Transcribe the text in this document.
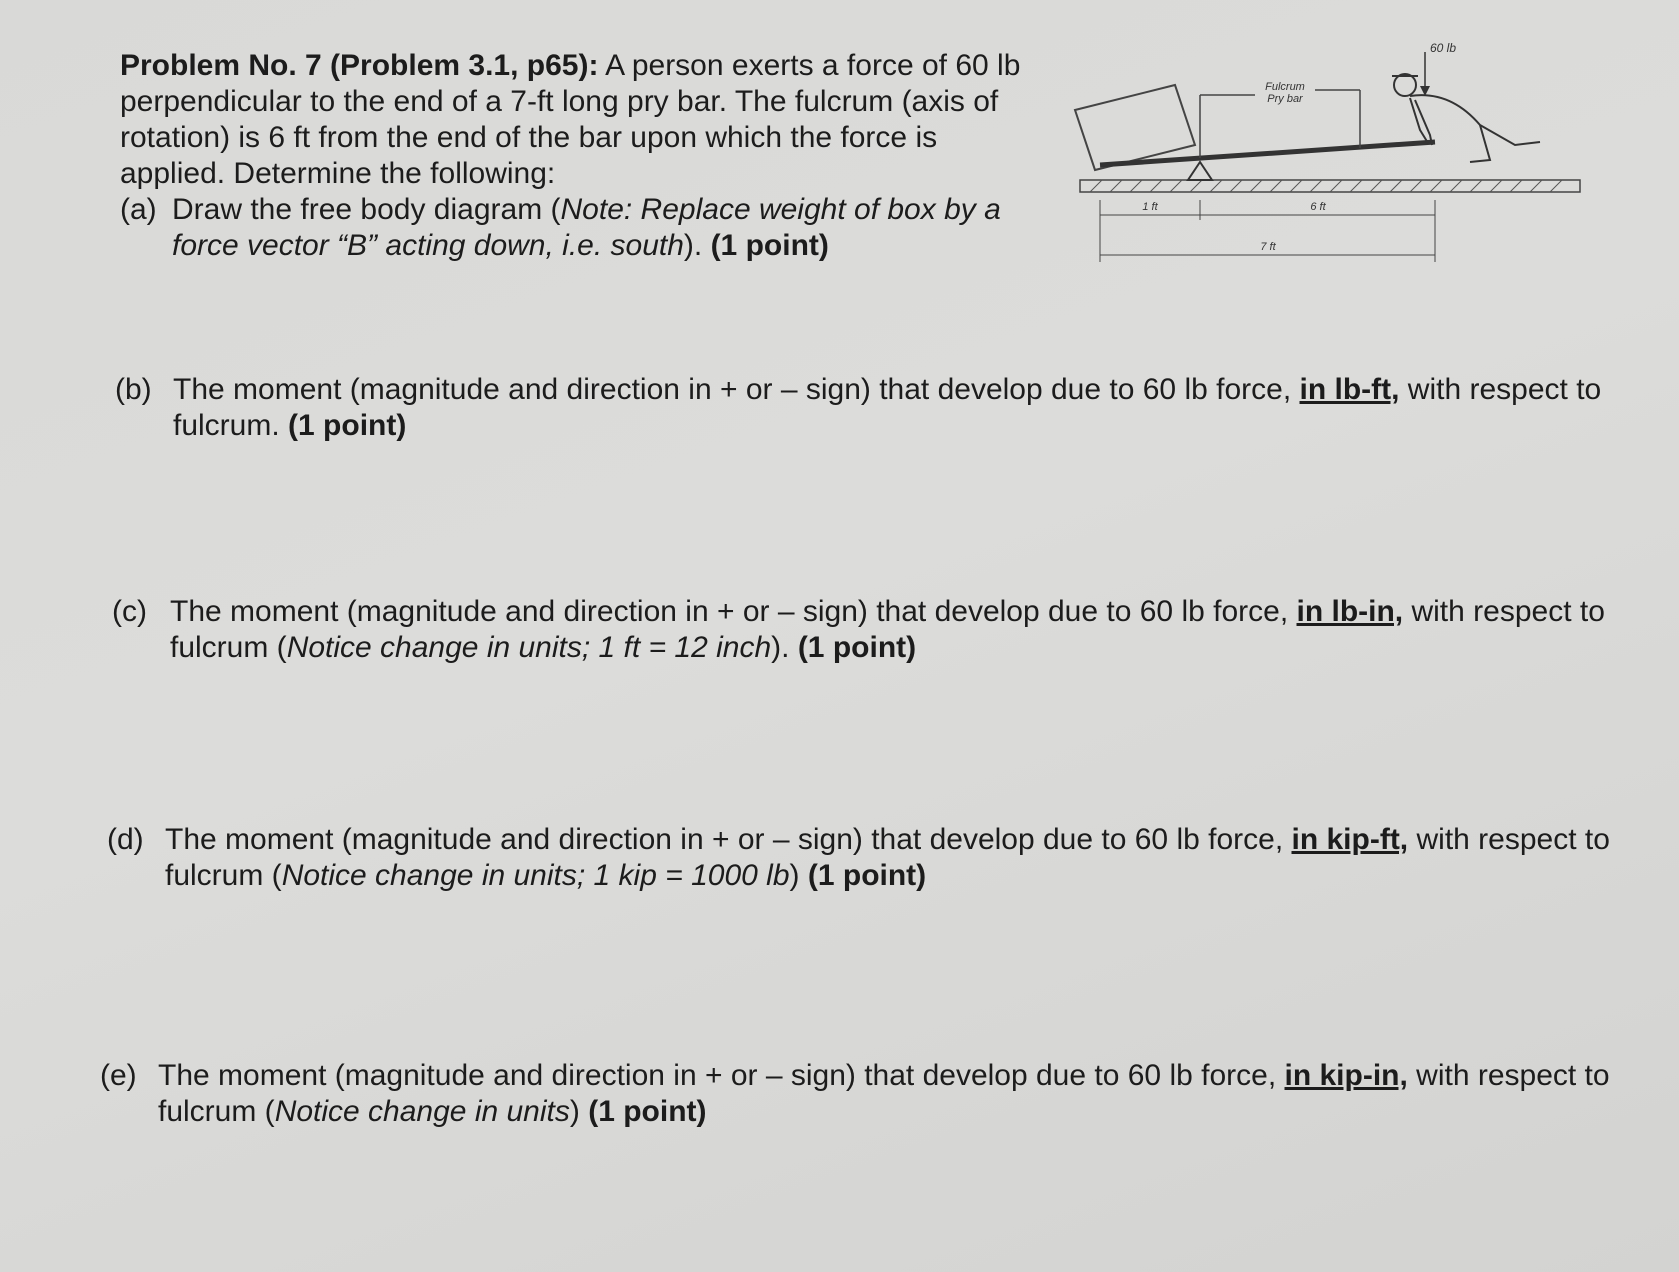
Problem No. 7 (Problem 3.1, p65): A person exerts a force of 60 lb perpendicular to the end of a 7-ft long pry bar. The fulcrum (axis of rotation) is 6 ft from the end of the bar upon which the force is applied. Determine the following:
(a) Draw the free body diagram (Note: Replace weight of box by a force vector “B” acting down, i.e. south). (1 point)
Fulcrum
Pry bar
60 lb
1 ft	6 ft
7 ft
(b) The moment (magnitude and direction in + or – sign) that develop due to 60 lb force, in lb-ft, with respect to fulcrum. (1 point)
(c) The moment (magnitude and direction in + or – sign) that develop due to 60 lb force, in lb-in, with respect to fulcrum (Notice change in units; 1 ft = 12 inch). (1 point)
(d) The moment (magnitude and direction in + or – sign) that develop due to 60 lb force, in kip-ft, with respect to fulcrum (Notice change in units; 1 kip = 1000 lb) (1 point)
(e) The moment (magnitude and direction in + or – sign) that develop due to 60 lb force, in kip-in, with respect to fulcrum (Notice change in units) (1 point)
